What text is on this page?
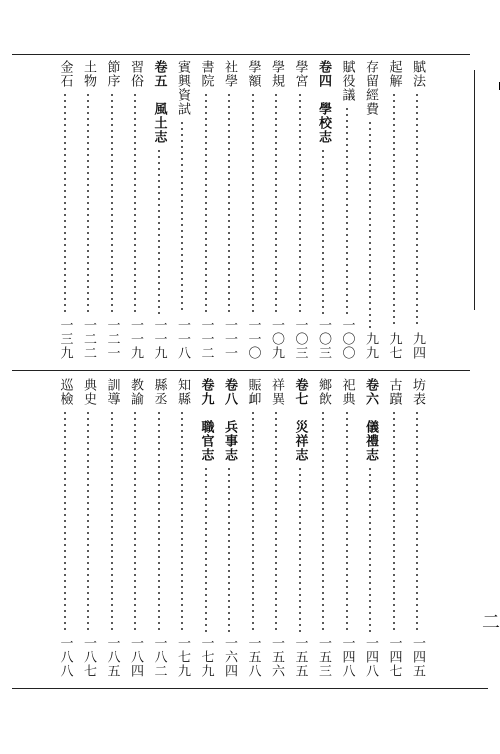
二
賦法
九四
起解
九七
存留經費
九九
賦役議
一〇〇
卷四　學校志
一〇三
學宮
一〇三
學規
一〇九
學額
一一〇
社學
一一一
書院
一一二
賓興資試
一一八
卷五　風土志
一一九
習俗
一一九
節序
一二一
土物
一二二
金石
一三九
坊表
一四五
古蹟
一四七
卷六　儀禮志
一四八
祀典
一四八
鄉飲
一五三
卷七　災祥志
一五五
祥異
一五六
賑卹
一五八
卷八　兵事志
一六四
卷九　職官志
一七九
知縣
一七九
縣丞
一八二
教諭
一八四
訓導
一八五
典史
一八七
巡檢
一八八
